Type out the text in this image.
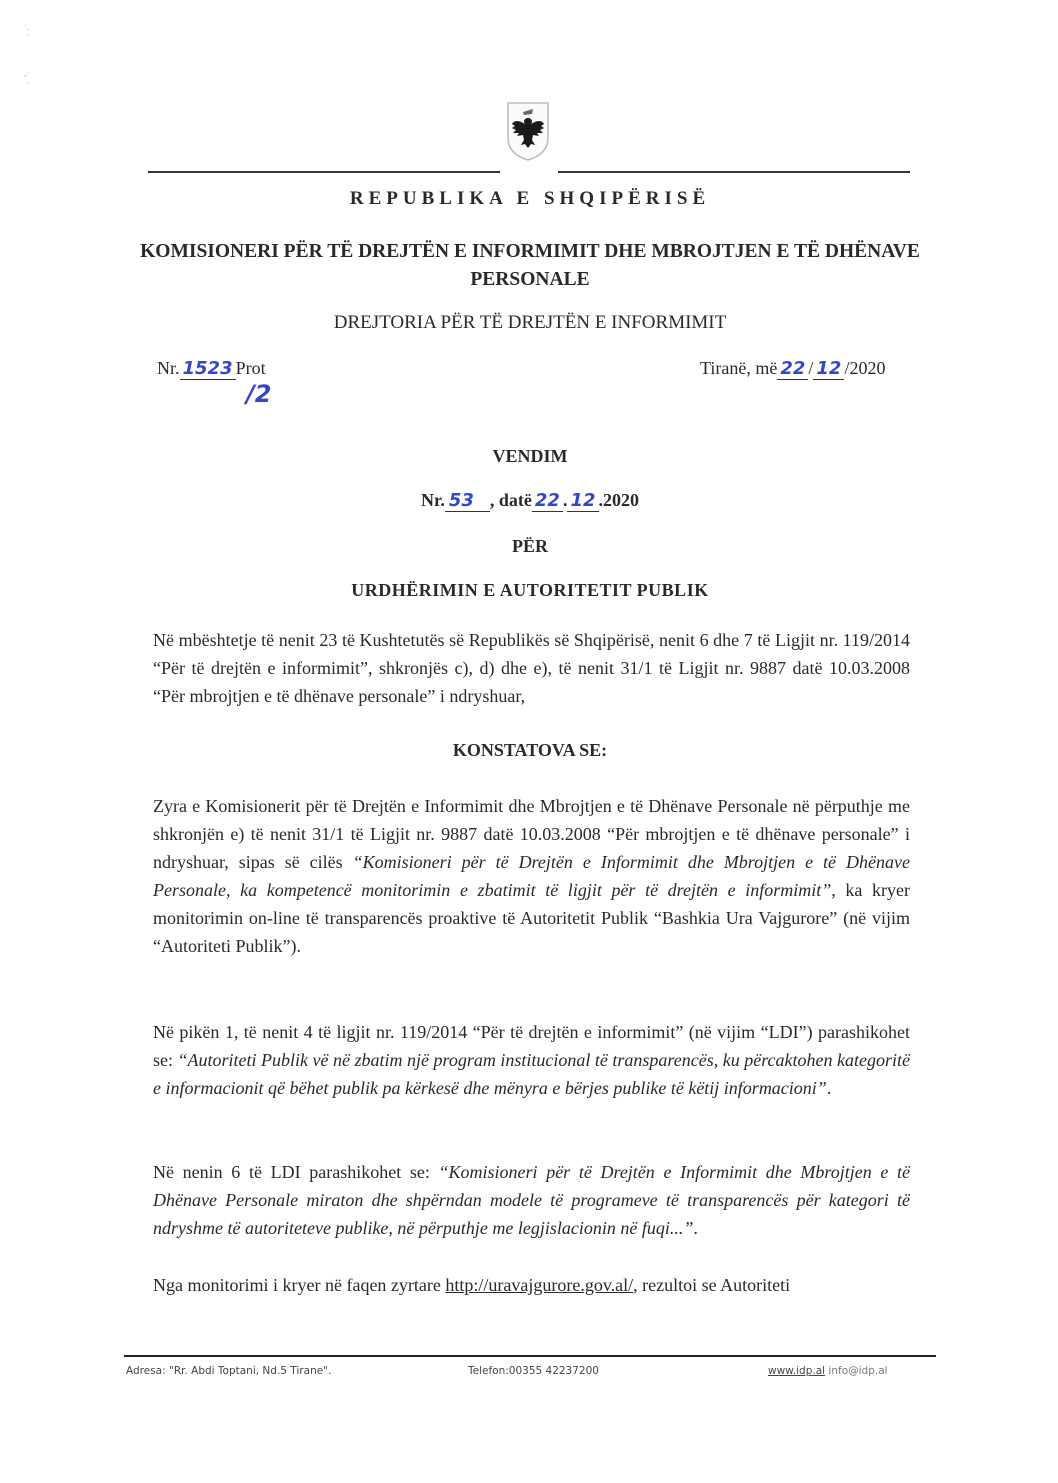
˙.
·

-˙
·
REPUBLIKA E SHQIPËRISË
KOMISIONERI PËR TË DREJTËN E INFORMIMIT DHE MBROJTJEN E TË DHËNAVE PERSONALE
DREJTORIA PËR TË DREJTËN E INFORMIMIT
Nr. 1523 Prot
/2
Tiranë, më 22 / 12 /2020
VENDIM
Nr. 53 , datë 22 . 12 .2020
PËR
URDHËRIMIN E AUTORITETIT PUBLIK
Në mbështetje të nenit 23 të Kushtetutës së Republikës së Shqipërisë, nenit 6 dhe 7 të Ligjit nr. 119/2014 “Për të drejtën e informimit”, shkronjës c), d) dhe e), të nenit 31/1 të Ligjit nr. 9887 datë 10.03.2008 “Për mbrojtjen e të dhënave personale” i ndryshuar,
KONSTATOVA SE:
Zyra e Komisionerit për të Drejtën e Informimit dhe Mbrojtjen e të Dhënave Personale në përputhje me shkronjën e) të nenit 31/1 të Ligjit nr. 9887 datë 10.03.2008 “Për mbrojtjen e të dhënave personale” i ndryshuar, sipas së cilës “Komisioneri për të Drejtën e Informimit dhe Mbrojtjen e të Dhënave Personale, ka kompetencë monitorimin e zbatimit të ligjit për të drejtën e informimit”, ka kryer monitorimin on-line të transparencës proaktive të Autoritetit Publik “Bashkia Ura Vajgurore” (në vijim “Autoriteti Publik”).
Në pikën 1, të nenit 4 të ligjit nr. 119/2014 “Për të drejtën e informimit” (në vijim “LDI”) parashikohet se: “Autoriteti Publik vë në zbatim një program institucional të transparencës, ku përcaktohen kategoritë e informacionit që bëhet publik pa kërkesë dhe mënyra e bërjes publike të këtij informacioni”.
Në nenin 6 të LDI parashikohet se: “Komisioneri për të Drejtën e Informimit dhe Mbrojtjen e të Dhënave Personale miraton dhe shpërndan modele të programeve të transparencës për kategori të ndryshme të autoriteteve publike, në përputhje me legjislacionin në fuqi...”.
Nga monitorimi i kryer në faqen zyrtare http://uravajgurore.gov.al/, rezultoi se Autoriteti
Adresa: "Rr. Abdi Toptani, Nd.5 Tirane".	Telefon:00355 42237200	www.idp.al info@idp.al
